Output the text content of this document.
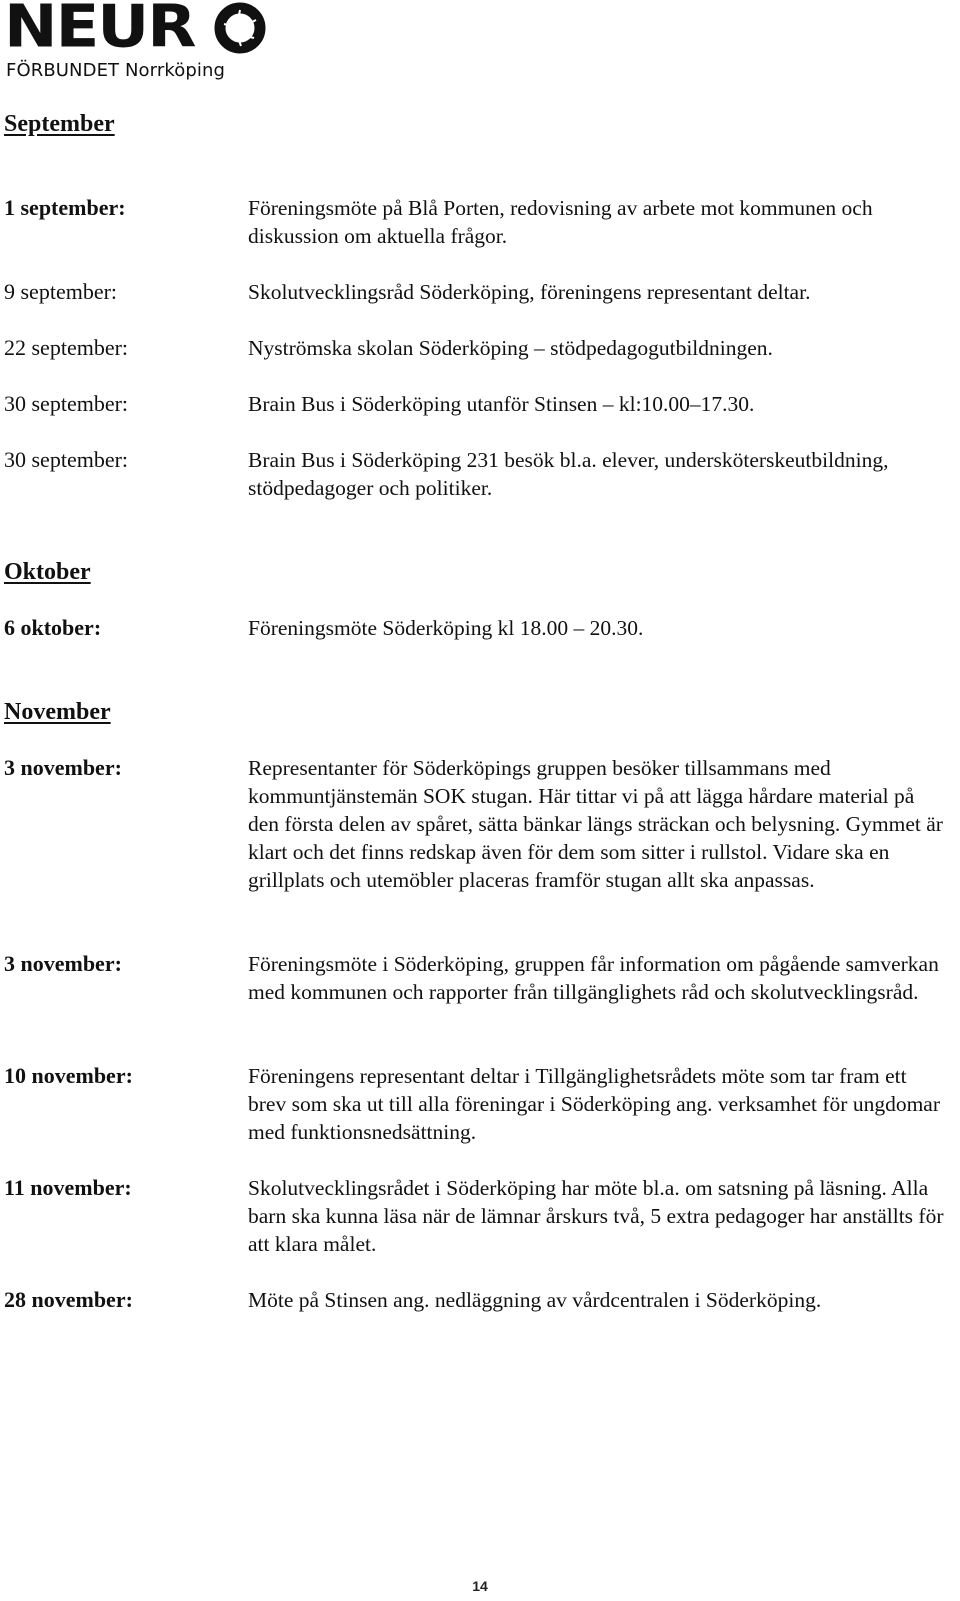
NEUR
FÖRBUNDET Norrköping
September
1 september:	Föreningsmöte på Blå Porten, redovisning av arbete mot kommunen och diskussion om aktuella frågor.
9 september:	Skolutvecklingsråd Söderköping, föreningens representant deltar.
22 september:	Nyströmska skolan Söderköping – stödpedagogutbildningen.
30 september:	Brain Bus i Söderköping utanför Stinsen – kl:10.00–17.30.
30 september:	Brain Bus i Söderköping 231 besök bl.a. elever, undersköterskeutbildning, stödpedagoger och politiker.
Oktober
6 oktober:	Föreningsmöte Söderköping kl 18.00 – 20.30.
November
3 november:	Representanter för Söderköpings gruppen besöker tillsammans med kommuntjänstemän SOK stugan. Här tittar vi på att lägga hårdare material på den första delen av spåret, sätta bänkar längs sträckan och belysning. Gymmet är klart och det finns redskap även för dem som sitter i rullstol. Vidare ska en grillplats och utemöbler placeras framför stugan allt ska anpassas.
3 november:	Föreningsmöte i Söderköping, gruppen får information om pågående samverkan med kommunen och rapporter från tillgänglighets råd och skolutvecklingsråd.
10 november:	Föreningens representant deltar i Tillgänglighetsrådets möte som tar fram ett brev som ska ut till alla föreningar i Söderköping ang. verksamhet för ungdomar med funktionsnedsättning.
11 november:	Skolutvecklingsrådet i Söderköping har möte bl.a. om satsning på läsning. Alla barn ska kunna läsa när de lämnar årskurs två, 5 extra pedagoger har anställts för att klara målet.
28 november:	Möte på Stinsen ang. nedläggning av vårdcentralen i Söderköping.
14
